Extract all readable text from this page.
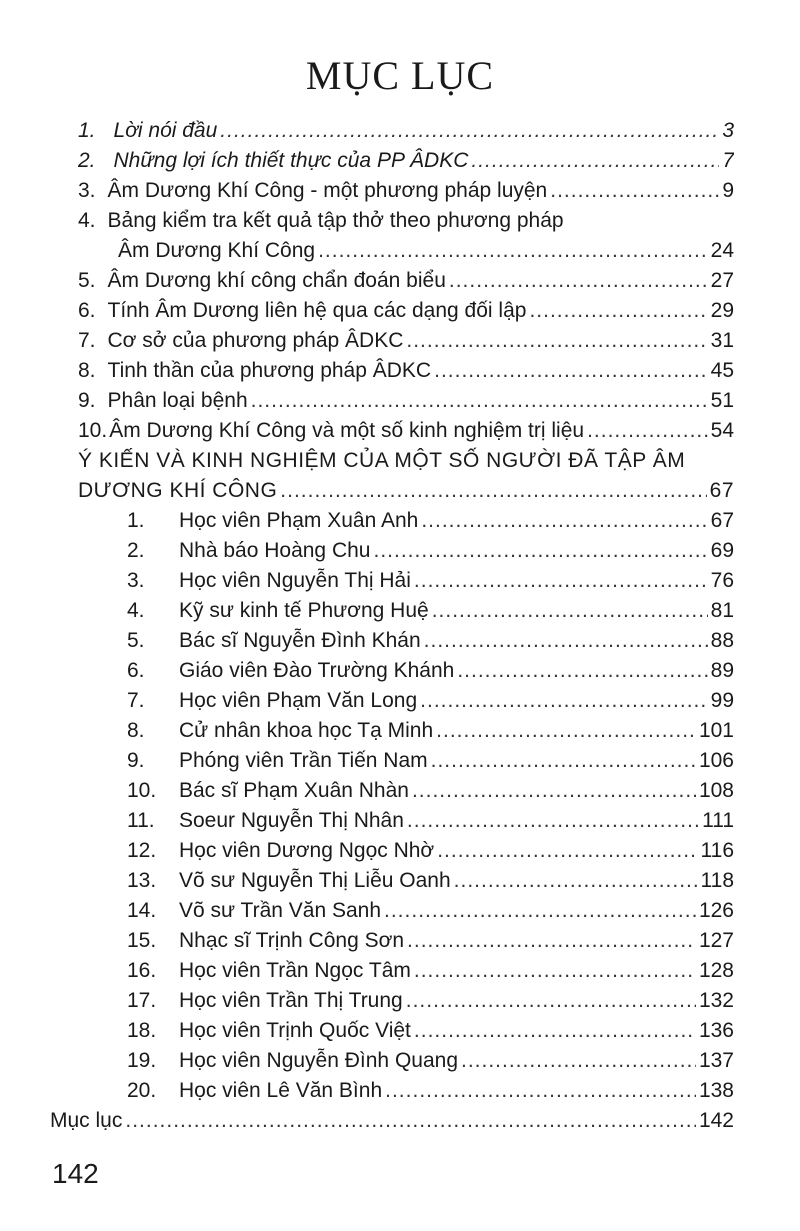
MỤC LỤC
1. Lời nói đầu .....	3
2. Những lợi ích thiết thực của PP ÂDKC .....	7
3. Âm Dương Khí Công - một phương pháp luyện .....	9
4. Bảng kiểm tra kết quả tập thở theo phương pháp
Âm Dương Khí Công .....	24
5. Âm Dương khí công chẩn đoán biểu .....	27
6. Tính Âm Dương liên hệ qua các dạng đối lập .....	29
7. Cơ sở của phương pháp ÂDKC .....	31
8. Tinh thần của phương pháp ÂDKC .....	45
9. Phân loại bệnh .....	51
10. Âm Dương Khí Công và một số kinh nghiệm trị liệu .....	54
Ý KIẾN VÀ KINH NGHIỆM CỦA MỘT SỐ NGƯỜI ĐÃ TẬP ÂM
DƯƠNG KHÍ CÔNG .....	67
1.	Học viên Phạm Xuân Anh .....	67
2.	Nhà báo Hoàng Chu .....	69
3.	Học viên Nguyễn Thị Hải .....	76
4.	Kỹ sư kinh tế Phương Huệ .....	81
5.	Bác sĩ Nguyễn Đình Khán .....	88
6.	Giáo viên Đào Trường Khánh .....	89
7.	Học viên Phạm Văn Long .....	99
8.	Cử nhân khoa học Tạ Minh .....	101
9.	Phóng viên Trần Tiến Nam .....	106
10.	Bác sĩ Phạm Xuân Nhàn .....	108
11.	Soeur Nguyễn Thị Nhân .....	111
12.	Học viên Dương Ngọc Nhờ .....	116
13.	Võ sư Nguyễn Thị Liễu Oanh .....	118
14.	Võ sư Trần Văn Sanh .....	126
15.	Nhạc sĩ Trịnh Công Sơn .....	127
16.	Học viên Trần Ngọc Tâm .....	128
17.	Học viên Trần Thị Trung .....	132
18.	Học viên Trịnh Quốc Việt .....	136
19.	Học viên Nguyễn Đình Quang .....	137
20.	Học viên Lê Văn Bình .....	138
Mục lục .....	142
142
